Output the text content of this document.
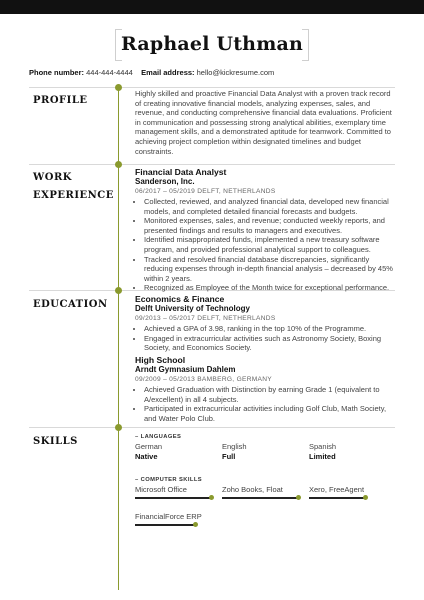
Raphael Uthman
Phone number: 444-444-4444 Email address: hello@kickresume.com
PROFILE
Highly skilled and proactive Financial Data Analyst with a proven track record of creating innovative financial models, analyzing expenses, sales, and revenue, and conducting comprehensive financial data evaluations. Proficient in communication and possessing strong analytical abilities, exemplary time management skills, and a demonstrated aptitude for teamwork. Committed to achieving project completion within designated timelines and budget constraints.
WORK
EXPERIENCE
Financial Data Analyst
Sanderson, Inc.
06/2017 – 05/2019 DELFT, NETHERLANDS
• Collected, reviewed, and analyzed financial data, developed new financial models, and completed detailed financial forecasts and budgets.
• Monitored expenses, sales, and revenue; conducted weekly reports, and presented findings and results to managers and executives.
• Identified misappropriated funds, implemented a new treasury software program, and provided professional analytical support to colleagues.
• Tracked and resolved financial database discrepancies, significantly reducing expenses through in-depth financial analysis – decreased by 45% within 2 years.
• Recognized as Employee of the Month twice for exceptional performance.
EDUCATION	Economics & Finance
Delft University of Technology
09/2013 – 05/2017 DELFT, NETHERLANDS
• Achieved a GPA of 3.98, ranking in the top 10% of the Programme.
• Engaged in extracurricular activities such as Astronomy Society, Boxing Society, and Economics Society.
High School
Arndt Gymnasium Dahlem
09/2009 – 05/2013 BAMBERG, GERMANY
• Achieved Graduation with Distinction by earning Grade 1 (equivalent to A/excellent) in all 4 subjects.
• Participated in extracurricular activities including Golf Club, Math Society, and Water Polo Club.
SKILLS	– LANGUAGES
German
Native
English
Full
Spanish
Limited
– COMPUTER SKILLS
Microsoft Office	Zoho Books, Float	Xero, FreeAgent
FinancialForce ERP
